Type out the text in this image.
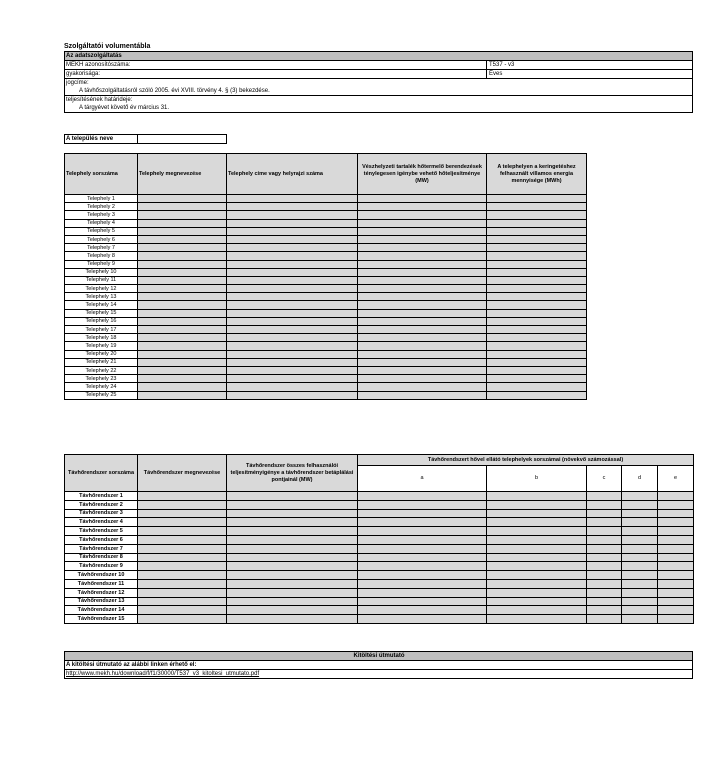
Szolgáltatói volumentábla
Az adatszolgáltatás
MEKH azonosítószáma:	T537 - v3
gyakorisága:	Éves
jogcíme:
A távhőszolgáltatásról szóló 2005. évi XVIII. törvény 4. § (3) bekezdése.
teljesítésének határideje:
A tárgyévet követő év március 31.
A település neve
Telephely sorszáma	Telephely megnevezése	Telephely címe vagy helyrajzi száma	Vészhelyzeti tartalék hőtermelő berendezések ténylegesen igénybe vehető hőteljesítménye (MW)	A telephelyen a keringetéshez felhasznált villamos energia mennyisége (MWh)
Telephely 1				
Telephely 2				
Telephely 3				
Telephely 4				
Telephely 5				
Telephely 6				
Telephely 7				
Telephely 8				
Telephely 9				
Telephely 10				
Telephely 11				
Telephely 12				
Telephely 13				
Telephely 14				
Telephely 15				
Telephely 16				
Telephely 17				
Telephely 18				
Telephely 19				
Telephely 20				
Telephely 21				
Telephely 22				
Telephely 23				
Telephely 24				
Telephely 25				
Távhőrendszer sorszáma	Távhőrendszer megnevezése	Távhőrendszer összes felhasználói teljesítményigénye a távhőrendszer betáplálási pontjainál (MW)	Távhőrendszert hővel ellátó telephelyek sorszámai (növekvő számozással)				
			a	b	c	d	e
Távhőrendszer 1							
Távhőrendszer 2							
Távhőrendszer 3							
Távhőrendszer 4							
Távhőrendszer 5							
Távhőrendszer 6							
Távhőrendszer 7							
Távhőrendszer 8							
Távhőrendszer 9							
Távhőrendszer 10							
Távhőrendszer 11							
Távhőrendszer 12							
Távhőrendszer 13							
Távhőrendszer 14							
Távhőrendszer 15							
Kitöltési útmutató
A kitöltési útmutató az alábbi linken érhető el:
http://www.mekh.hu/download/f/f1/30000/T537_v3_kitoltesi_utmutato.pdf
